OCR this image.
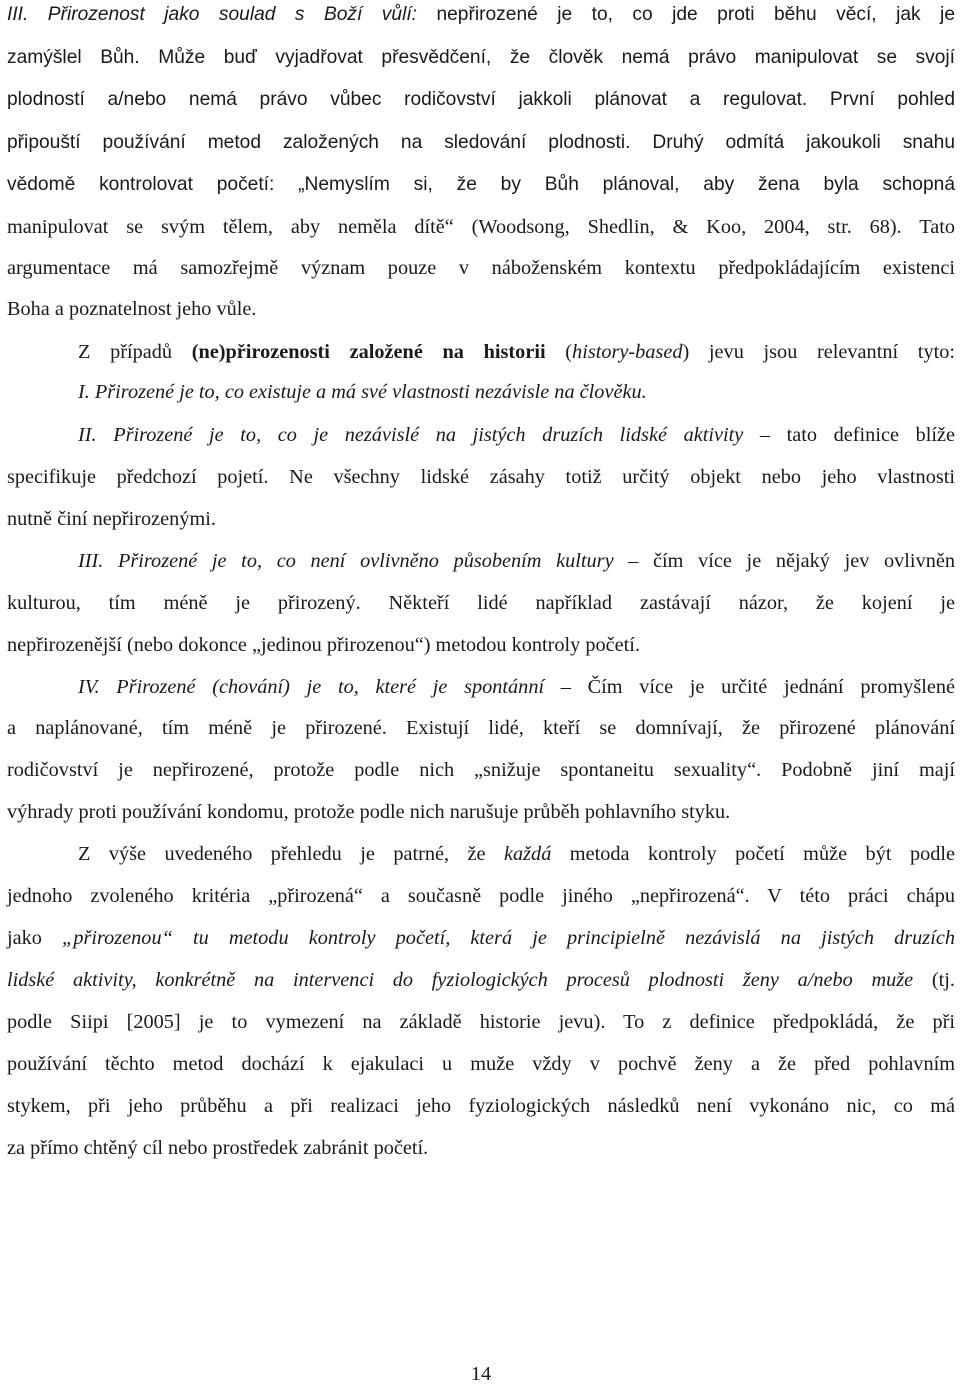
III. Přirozenost jako soulad s Boží vůlí: nepřirozené je to, co jde proti běhu věcí, jak je

zamýšlel Bůh. Může buď vyjadřovat přesvědčení, že člověk nemá právo manipulovat se svojí

plodností a/nebo nemá právo vůbec rodičovství jakkoli plánovat a regulovat. První pohled

připouští používání metod založených na sledování plodnosti. Druhý odmítá jakoukoli snahu

vědomě kontrolovat početí: „Nemyslím si, že by Bůh plánoval, aby žena byla schopná

manipulovat se svým tělem, aby neměla dítě“ (Woodsong, Shedlin, & Koo, 2004, str. 68). Tato

argumentace má samozřejmě význam pouze v náboženském kontextu předpokládajícím existenci

Boha a poznatelnost jeho vůle.

Z případů (ne)přirozenosti založené na historii (history-based) jevu jsou relevantní tyto:

I. Přirozené je to, co existuje a má své vlastnosti nezávisle na člověku.

II. Přirozené je to, co je nezávislé na jistých druzích lidské aktivity – tato definice blíže

specifikuje předchozí pojetí. Ne všechny lidské zásahy totiž určitý objekt nebo jeho vlastnosti

nutně činí nepřirozenými.

III. Přirozené je to, co není ovlivněno působením kultury – čím více je nějaký jev ovlivněn

kulturou, tím méně je přirozený. Někteří lidé například zastávají názor, že kojení je

nepřirozenější (nebo dokonce „jedinou přirozenou“) metodou kontroly početí.

IV. Přirozené (chování) je to, které je spontánní – Čím více je určité jednání promyšlené

a naplánované, tím méně je přirozené. Existují lidé, kteří se domnívají, že přirozené plánování

rodičovství je nepřirozené, protože podle nich „snižuje spontaneitu sexuality“. Podobně jiní mají

výhrady proti používání kondomu, protože podle nich narušuje průběh pohlavního styku.

Z výše uvedeného přehledu je patrné, že každá metoda kontroly početí může být podle

jednoho zvoleného kritéria „přirozená“ a současně podle jiného „nepřirozená“. V této práci chápu

jako „přirozenou“ tu metodu kontroly početí, která je principielně nezávislá na jistých druzích

lidské aktivity, konkrétně na intervenci do fyziologických procesů plodnosti ženy a/nebo muže (tj.

podle Siipi [2005] je to vymezení na základě historie jevu). To z definice předpokládá, že při

používání těchto metod dochází k ejakulaci u muže vždy v pochvě ženy a že před pohlavním

stykem, při jeho průběhu a při realizaci jeho fyziologických následků není vykonáno nic, co má

za přímo chtěný cíl nebo prostředek zabránit početí.

14
